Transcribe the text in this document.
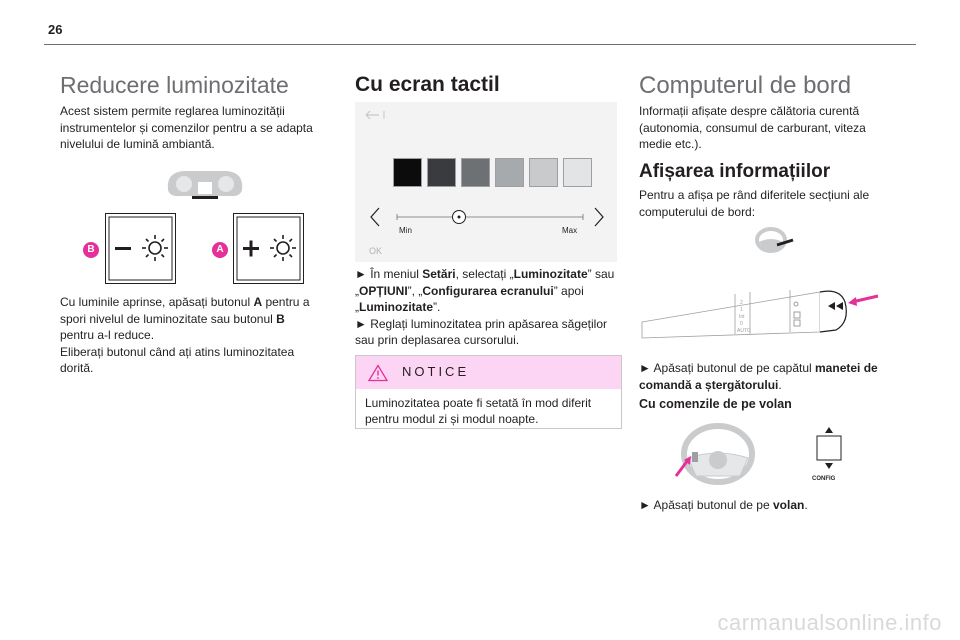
26
Reducere luminozitate

Acest sistem permite reglarea luminozității instrumentelor și comenzilor pentru a se adapta nivelului de lumină ambiantă.

B	A

Cu luminile aprinse, apăsați butonul A pentru a spori nivelul de luminozitate sau butonul B pentru a-l reduce.
Eliberați butonul când ați atins luminozitatea dorită.

Cu ecran tactil
Min	Max
OK

► În meniul Setări, selectați „Luminozitate” sau „OPȚIUNI”, „Configurarea ecranului” apoi „Luminozitate”.
► Reglați luminozitatea prin apăsarea săgeților sau prin deplasarea cursorului.

NOTICE
Luminozitatea poate fi setată în mod diferit pentru modul zi și modul noapte.
Computerul de bord

Informații afișate despre călătoria curentă (autonomia, consumul de carburant, viteza medie etc.).

Afișarea informațiilor

Pentru a afișa pe rând diferitele secțiuni ale computerului de bord:

2
1
Int
0
AUTO

► Apăsați butonul de pe capătul manetei de comandă a ștergătorului.

Cu comenzile de pe volan
CONFIG

► Apăsați butonul de pe volan.

carmanualsonline.info
